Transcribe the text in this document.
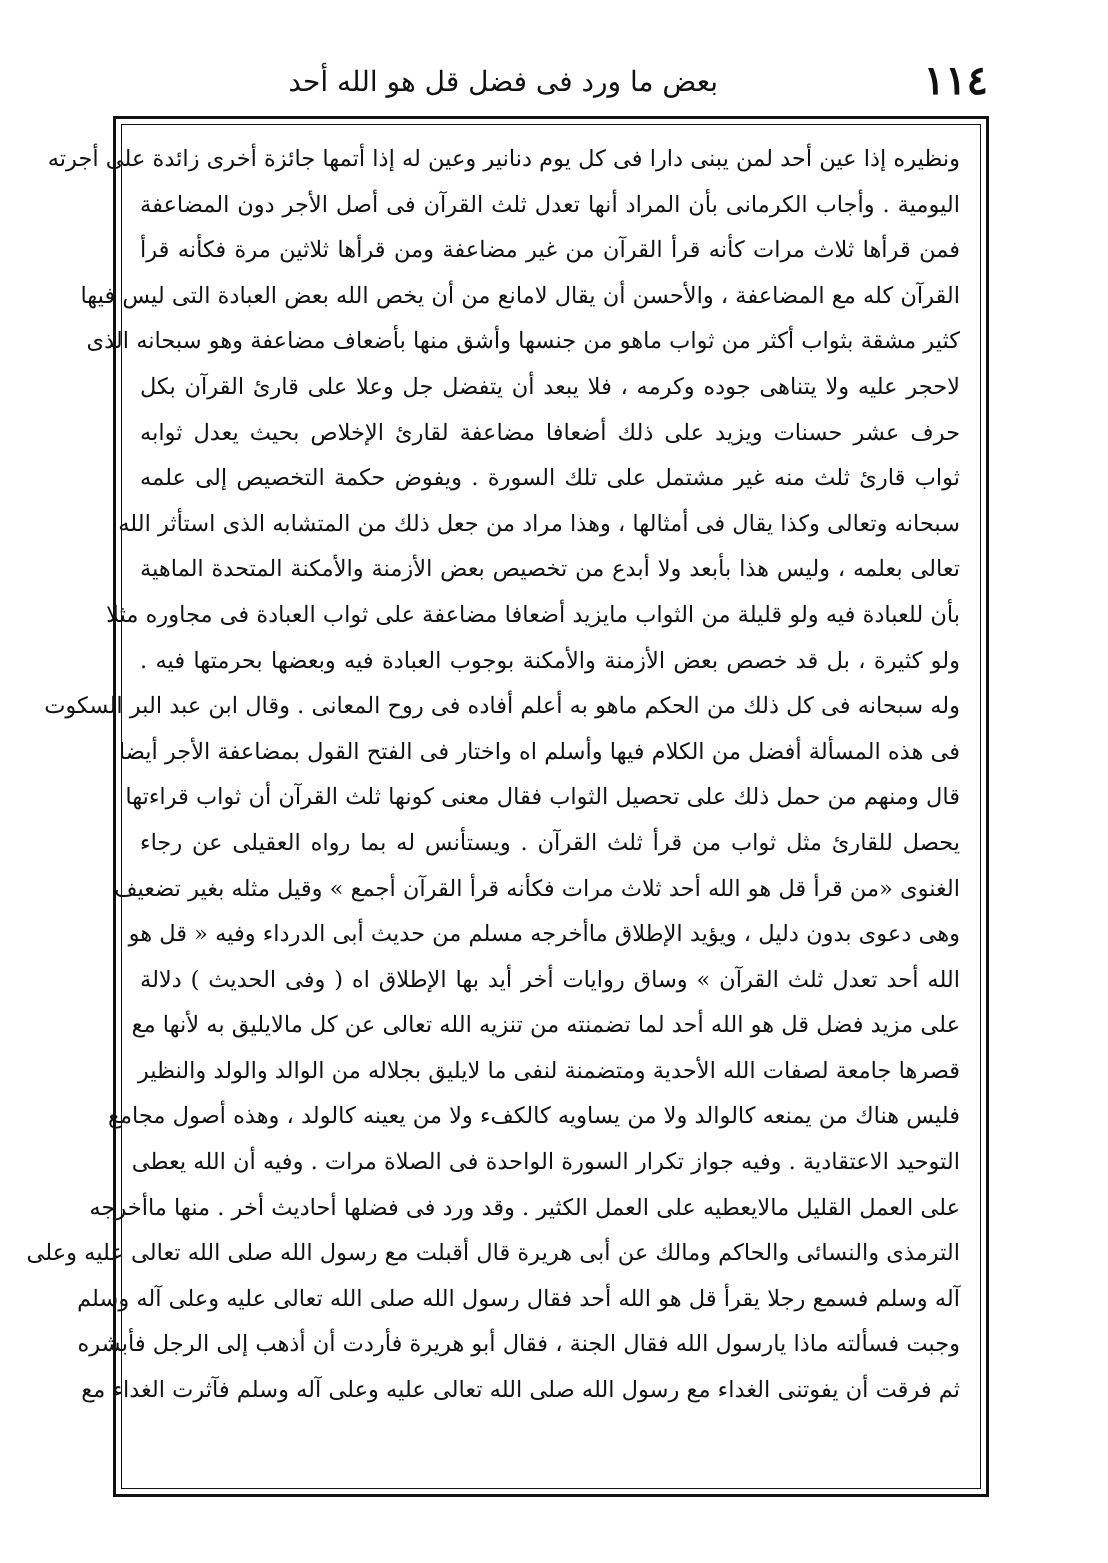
١١٤
بعض ما ورد فى فضل قل هو الله أحد
ونظيره إذا عين أحد لمن يبنى دارا فى كل يوم دنانير وعين له إذا أتمها جائزة أخرى زائدة على أجرته
اليومية . وأجاب الكرمانى بأن المراد أنها تعدل ثلث القرآن فى أصل الأجر دون المضاعفة
فمن قرأها ثلاث مرات كأنه قرأ القرآن من غير مضاعفة ومن قرأها ثلاثين مرة فكأنه قرأ
القرآن كله مع المضاعفة ، والأحسن أن يقال لامانع من أن يخص الله بعض العبادة التى ليس فيها
كثير مشقة بثواب أكثر من ثواب ماهو من جنسها وأشق منها بأضعاف مضاعفة وهو سبحانه الذى
لاحجر عليه ولا يتناهى جوده وكرمه ، فلا يبعد أن يتفضل جل وعلا على قارئ القرآن بكل
حرف عشر حسنات ويزيد على ذلك أضعافا مضاعفة لقارئ الإخلاص بحيث يعدل ثوابه
ثواب قارئ ثلث منه غير مشتمل على تلك السورة . ويفوض حكمة التخصيص إلى علمه
سبحانه وتعالى وكذا يقال فى أمثالها ، وهذا مراد من جعل ذلك من المتشابه الذى استأثر الله
تعالى بعلمه ، وليس هذا بأبعد ولا أبدع من تخصيص بعض الأزمنة والأمكنة المتحدة الماهية
بأن للعبادة فيه ولو قليلة من الثواب مايزيد أضعافا مضاعفة على ثواب العبادة فى مجاوره مثلا
ولو كثيرة ، بل قد خصص بعض الأزمنة والأمكنة بوجوب العبادة فيه وبعضها بحرمتها فيه .
وله سبحانه فى كل ذلك من الحكم ماهو به أعلم أفاده فى روح المعانى . وقال ابن عبد البر السكوت
فى هذه المسألة أفضل من الكلام فيها وأسلم اه واختار فى الفتح القول بمضاعفة الأجر أيضا
قال ومنهم من حمل ذلك على تحصيل الثواب فقال معنى كونها ثلث القرآن أن ثواب قراءتها
يحصل للقارئ مثل ثواب من قرأ ثلث القرآن . ويستأنس له بما رواه العقيلى عن رجاء
الغنوى «من قرأ قل هو الله أحد ثلاث مرات فكأنه قرأ القرآن أجمع » وقيل مثله بغير تضعيف
وهى دعوى بدون دليل ، ويؤيد الإطلاق ماأخرجه مسلم من حديث أبى الدرداء وفيه « قل هو
الله أحد تعدل ثلث القرآن » وساق روايات أخر أيد بها الإطلاق اه ( وفى الحديث ) دلالة
على مزيد فضل قل هو الله أحد لما تضمنته من تنزيه الله تعالى عن كل مالايليق به لأنها مع
قصرها جامعة لصفات الله الأحدية ومتضمنة لنفى ما لايليق بجلاله من الوالد والولد والنظير
فليس هناك من يمنعه كالوالد ولا من يساويه كالكفء ولا من يعينه كالولد ، وهذه أصول مجامع
التوحيد الاعتقادية . وفيه جواز تكرار السورة الواحدة فى الصلاة مرات . وفيه أن الله يعطى
على العمل القليل مالايعطيه على العمل الكثير . وقد ورد فى فضلها أحاديث أخر . منها ماأخرجه
الترمذى والنسائى والحاكم ومالك عن أبى هريرة قال أقبلت مع رسول الله صلى الله تعالى عليه وعلى
آله وسلم فسمع رجلا يقرأ قل هو الله أحد فقال رسول الله صلى الله تعالى عليه وعلى آله وسلم
وجبت فسألته ماذا يارسول الله فقال الجنة ، فقال أبو هريرة فأردت أن أذهب إلى الرجل فأبشره
ثم فرقت أن يفوتنى الغداء مع رسول الله صلى الله تعالى عليه وعلى آله وسلم فآثرت الغداء مع
